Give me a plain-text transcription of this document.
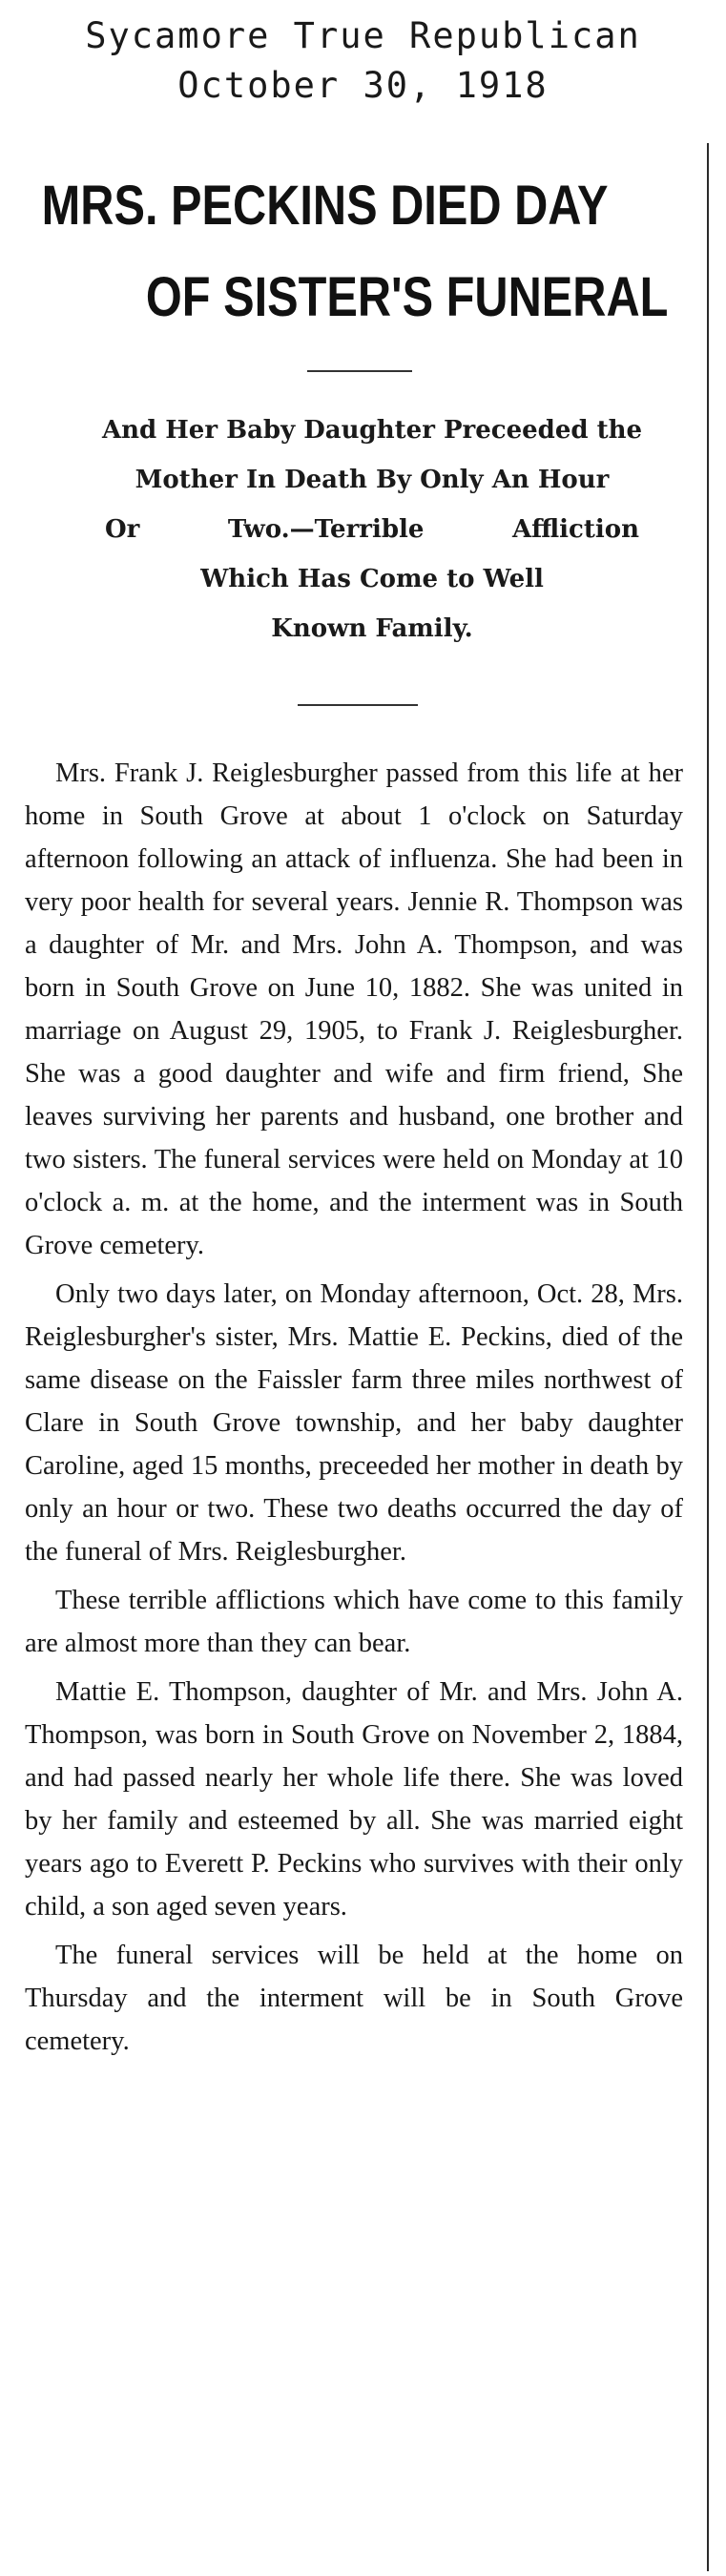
Sycamore True Republican
October 30, 1918
MRS. PECKINS DIED DAY
OF SISTER'S FUNERAL
And Her Baby Daughter Preceeded the
Mother In Death By Only An Hour
Or	Two.—Terrible	Affliction
Which Has Come to Well
Known Family.

Mrs. Frank J. Reiglesburgher passed from this life at her home in South Grove at about 1 o'clock on Saturday afternoon following an attack of influenza. She had been in very poor health for several years. Jennie R. Thompson was a daughter of Mr. and Mrs. John A. Thompson, and was born in South Grove on June 10, 1882. She was united in marriage on August 29, 1905, to Frank J. Reiglesburgher. She was a good daughter and wife and firm friend, She leaves surviving her parents and husband, one brother and two sisters. The funeral services were held on Monday at 10 o'clock a. m. at the home, and the interment was in South Grove cemetery.

Only two days later, on Monday afternoon, Oct. 28, Mrs. Reiglesburgher's sister, Mrs. Mattie E. Peckins, died of the same disease on the Faissler farm three miles northwest of Clare in South Grove township, and her baby daughter Caroline, aged 15 months, preceeded her mother in death by only an hour or two. These two deaths occurred the day of the funeral of Mrs. Reiglesburgher.

These terrible afflictions which have come to this family are almost more than they can bear.

Mattie E. Thompson, daughter of Mr. and Mrs. John A. Thompson, was born in South Grove on November 2, 1884, and had passed nearly her whole life there. She was loved by her family and esteemed by all. She was married eight years ago to Everett P. Peckins who survives with their only child, a son aged seven years.

The funeral services will be held at the home on Thursday and the interment will be in South Grove cemetery.
